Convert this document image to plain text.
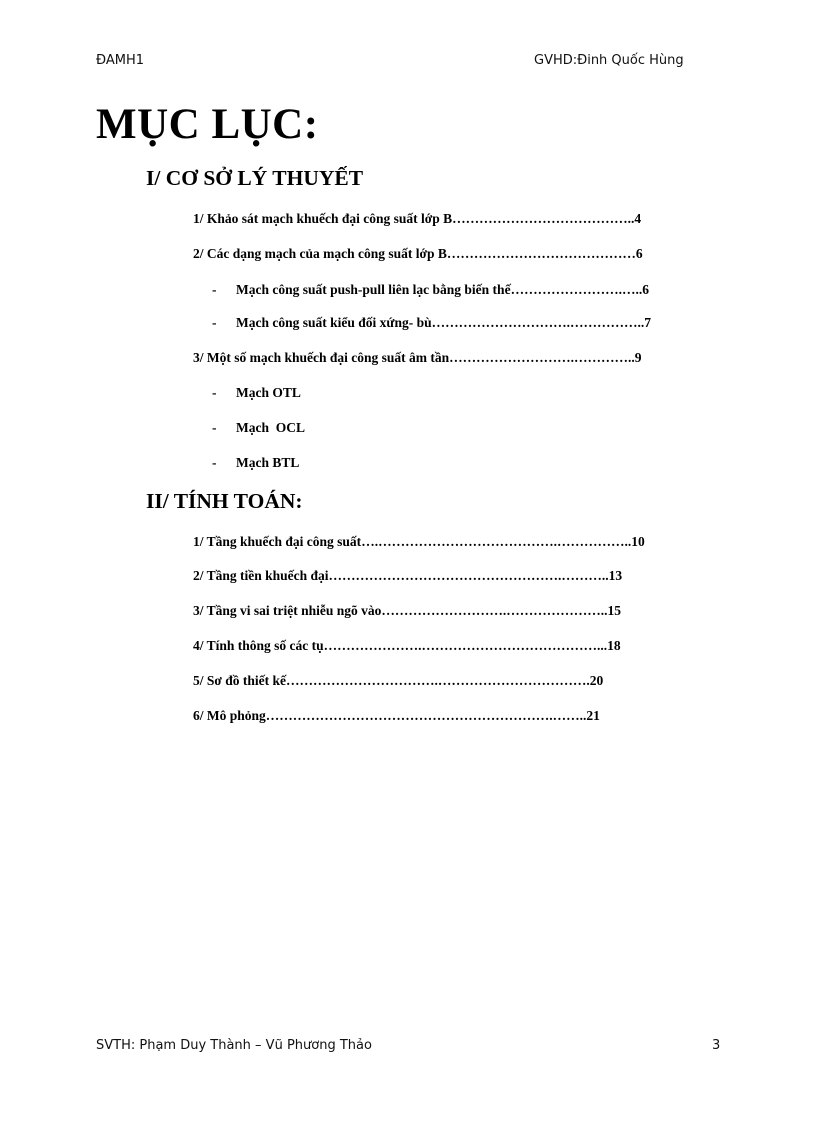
ĐAMH1	GVHD:Đinh Quốc Hùng
MỤC LỤC:
I/ CƠ SỞ LÝ THUYẾT
1/ Khảo sát mạch khuếch đại công suất lớp B…………………………………..4
2/ Các dạng mạch của mạch công suất lớp B……………………………………6
- Mạch công suất push-pull liên lạc bằng biến thế…………………….…..6
- Mạch công suất kiểu đối xứng- bù………………………….……………..7
3/ Một số mạch khuếch đại công suất âm tần……………………….…………..9
- Mạch OTL
- Mạch  OCL
- Mạch BTL
II/ TÍNH TOÁN:
1/ Tầng khuếch đại công suất….………………………………….……………..10
2/ Tầng tiền khuếch đại…………………………………………….………..13
3/ Tầng vi sai triệt nhiễu ngõ vào……………………….…………………..15
4/ Tính thông số các tụ………………….…………………………………...18
5/ Sơ đồ thiết kế…………………………….…………………………….20
6/ Mô phỏng……………………………………………………….……..21
SVTH: Phạm Duy Thành – Vũ Phương Thảo	3
